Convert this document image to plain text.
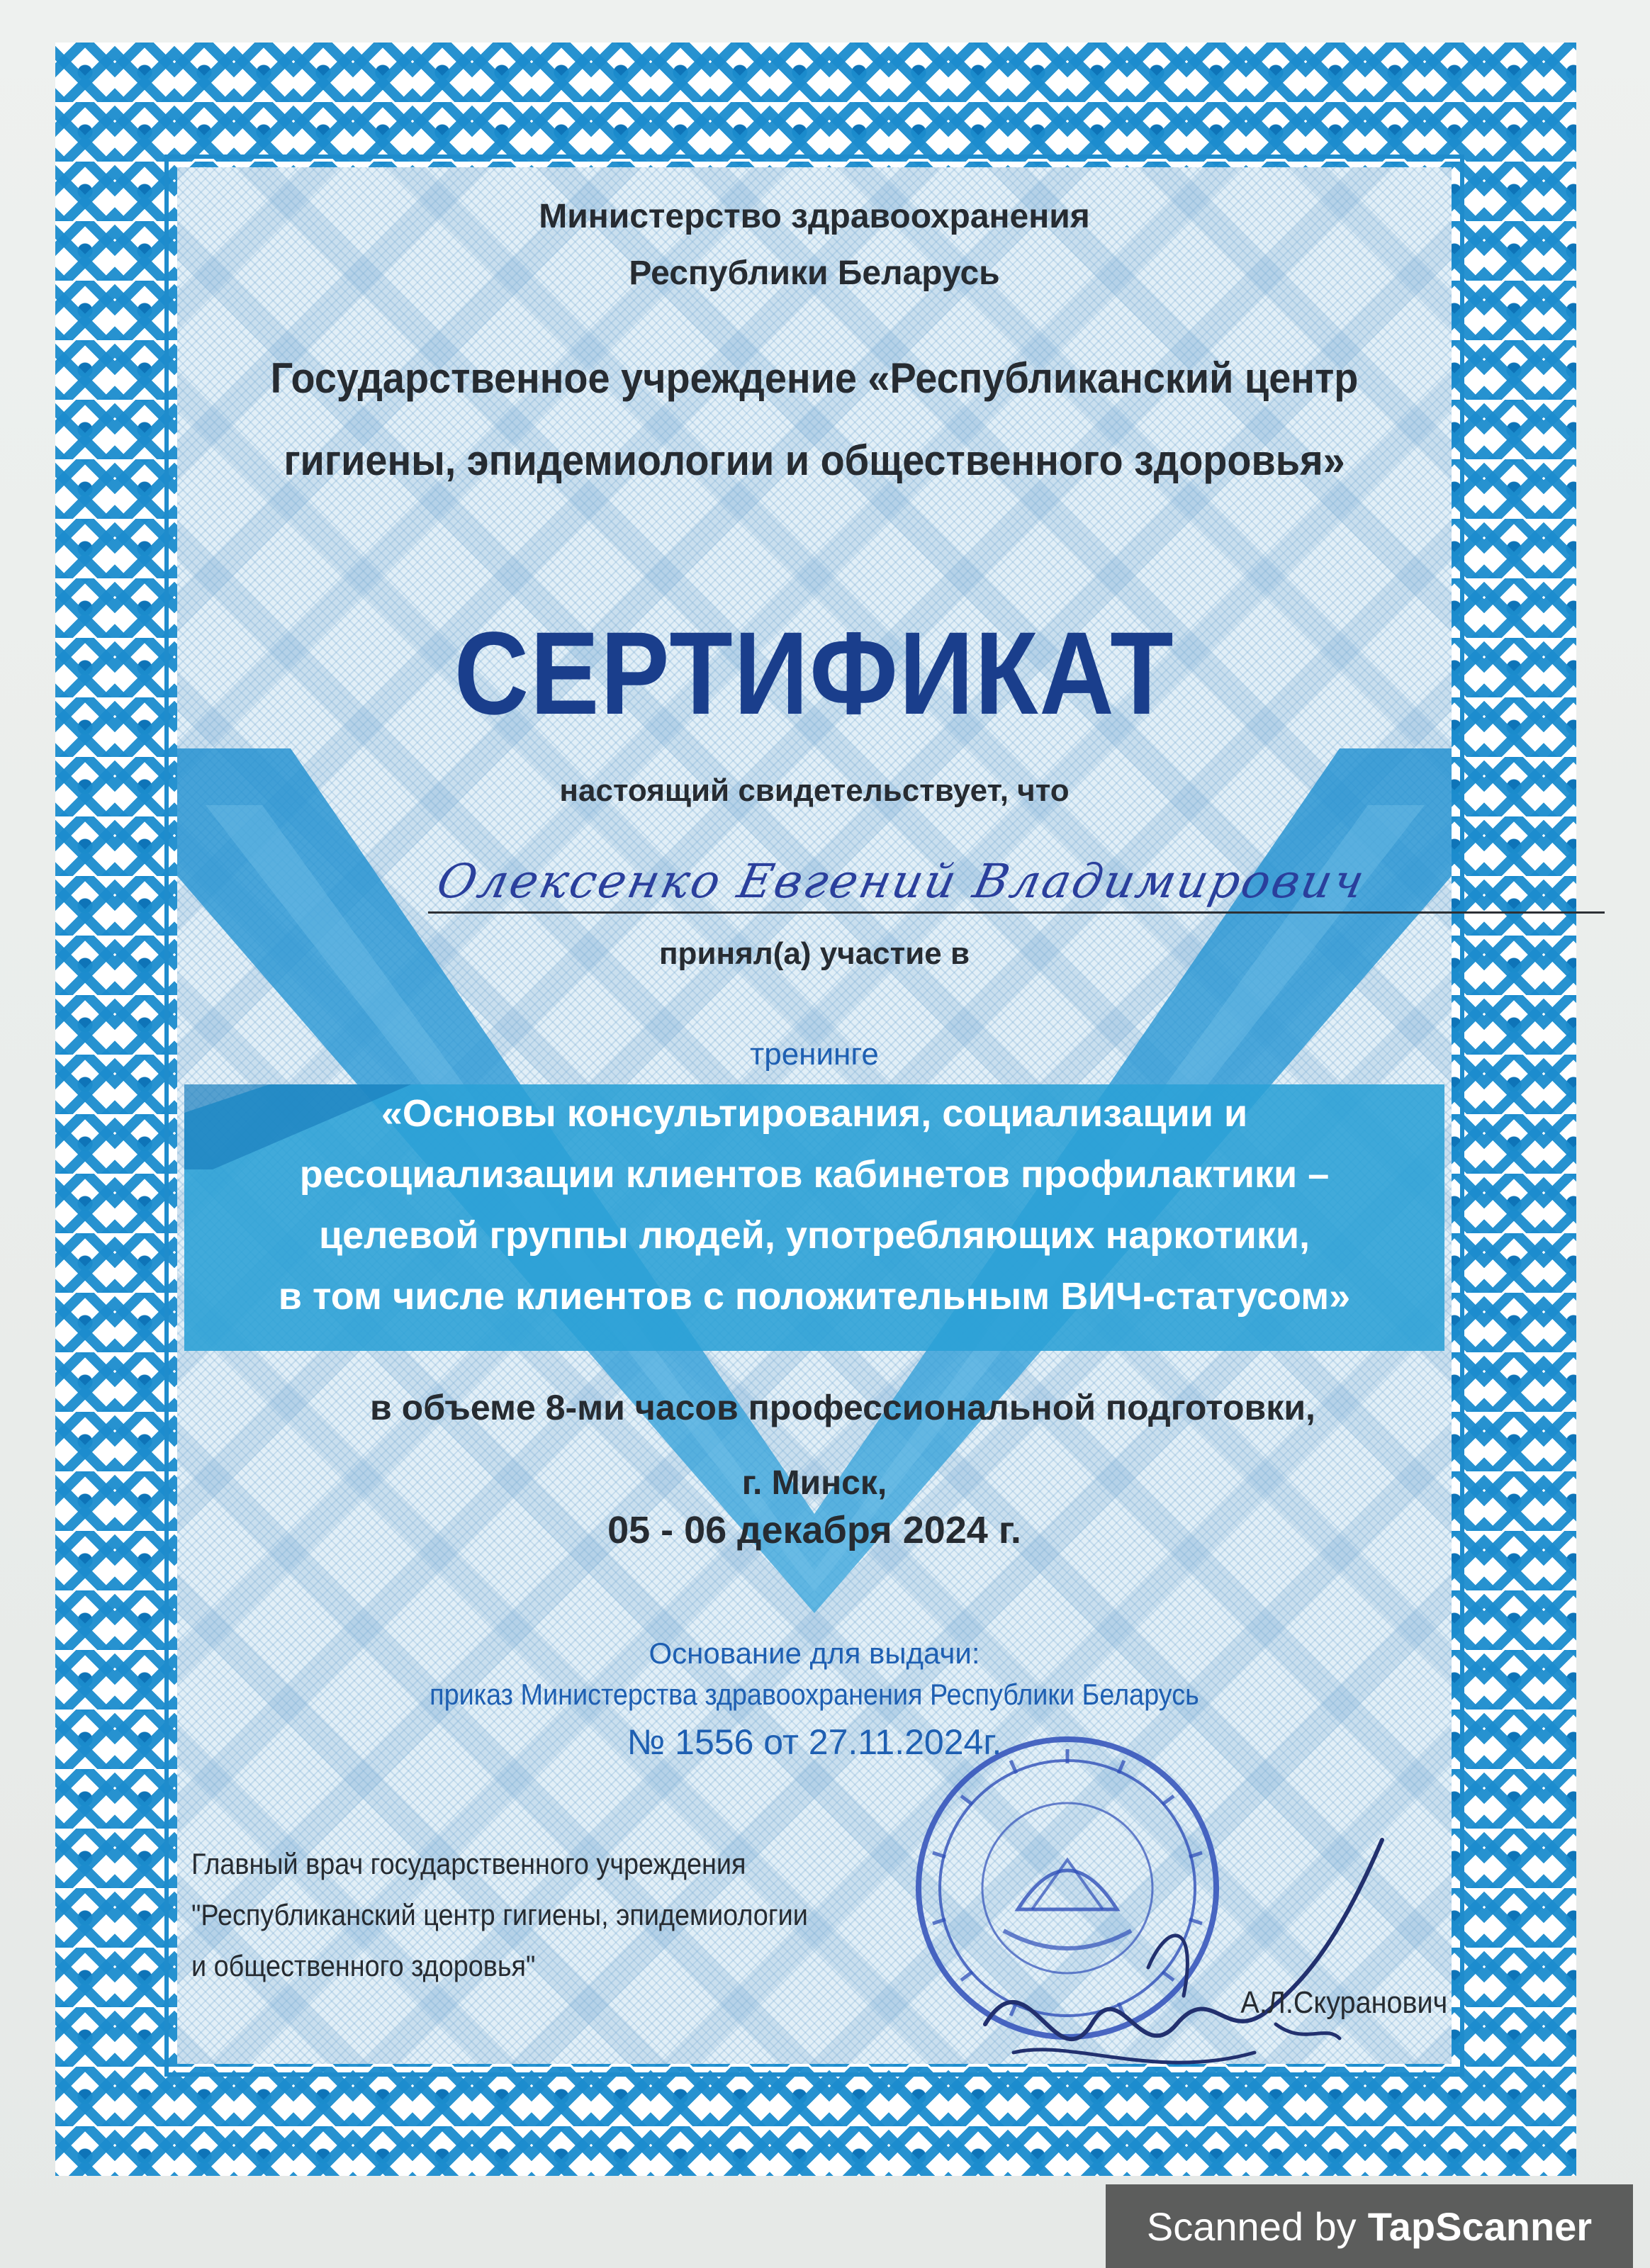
Министерство здравоохранения

Республики Беларусь

Государственное учреждение «Республиканский центр

гигиены, эпидемиологии и общественного здоровья»

СЕРТИФИКАТ

настоящий свидетельствует, что

Олексенко Евгений Владимирович

принял(а) участие в

тренинге

«Основы консультирования, социализации и

ресоциализации клиентов кабинетов профилактики –

целевой группы людей, употребляющих наркотики,

в том числе клиентов с положительным ВИЧ-статусом»

в объеме 8-ми часов профессиональной подготовки,

г. Минск,

05 - 06 декабря 2024 г.

Основание для выдачи:

приказ Министерства здравоохранения Республики Беларусь

№ 1556 от 27.11.2024г.

Главный врач государственного учреждения
"Республиканский центр гигиены, эпидемиологии
и общественного здоровья"
А.Л.Скуранович
Scanned by TapScanner
